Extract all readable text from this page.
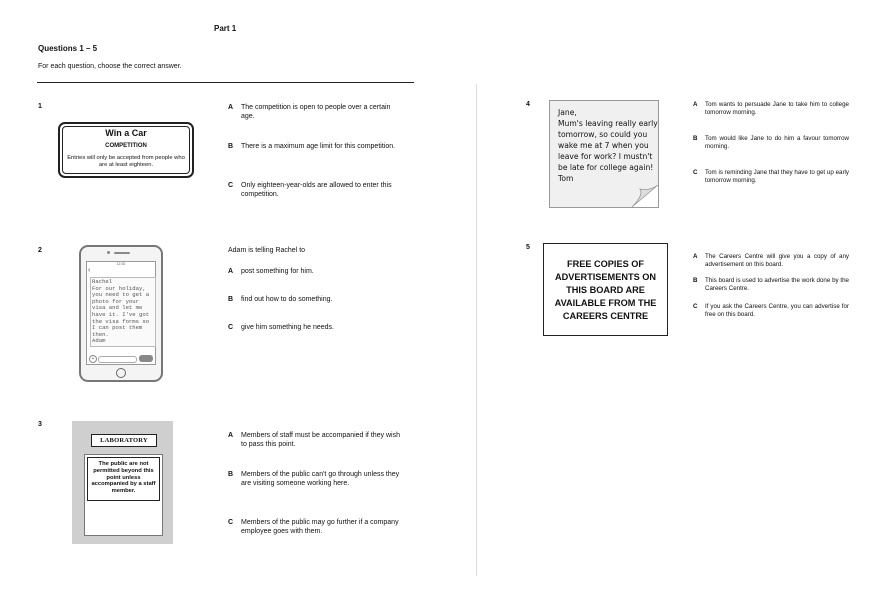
Part 1
Questions 1 – 5
For each question, choose the correct answer.
1
Win a Car
COMPETITION
Entries will only be accepted from people who are at least eighteen.
A The competition is open to people over a certain age.
B There is a maximum age limit for this competition.
C Only eighteen-year-olds are allowed to enter this competition.
2
12:30
‹
Rachel
For our holiday, you need to get a photo for your visa and let me have it. I've got the visa forms so I can post them then.
Adam
+
Adam is telling Rachel to
A post something for him.
B find out how to do something.
C give him something he needs.
3
LABORATORY
The public are not permitted beyond this point unless accompanied by a staff member.
A Members of staff must be accompanied if they wish to pass this point.
B Members of the public can't go through unless they are visiting someone working here.
C Members of the public may go further if a company employee goes with them.
4
Jane,
Mum's leaving really early tomorrow, so could you wake me at 7 when you leave for work? I mustn't be late for college again!
Tom
A Tom wants to persuade Jane to take him to college tomorrow morning.
B Tom would like Jane to do him a favour tomorrow morning.
C Tom is reminding Jane that they have to get up early tomorrow morning.
5
FREE COPIES OF ADVERTISEMENTS ON THIS BOARD ARE AVAILABLE FROM THE CAREERS CENTRE
A The Careers Centre will give you a copy of any advertisement on this board.
B This board is used to advertise the work done by the Careers Centre.
C If you ask the Careers Centre, you can advertise for free on this board.
